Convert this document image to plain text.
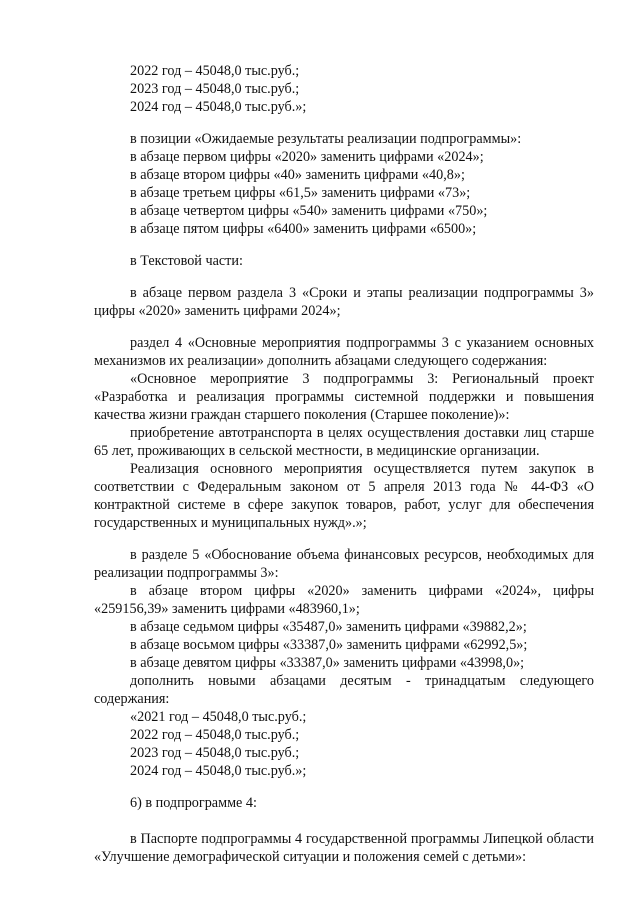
2022 год – 45048,0 тыс.руб.;
2023 год – 45048,0 тыс.руб.;
2024 год – 45048,0 тыс.руб.»;
в позиции «Ожидаемые результаты реализации подпрограммы»:
в абзаце первом цифры «2020» заменить цифрами «2024»;
в абзаце втором цифры «40» заменить цифрами «40,8»;
в абзаце третьем цифры «61,5» заменить цифрами «73»;
в абзаце четвертом цифры «540» заменить цифрами «750»;
в абзаце пятом цифры «6400» заменить цифрами «6500»;
в Текстовой части:

в абзаце первом раздела 3 «Сроки и этапы реализации подпрограммы 3» цифры «2020» заменить цифрами 2024»;

раздел 4 «Основные мероприятия подпрограммы 3 с указанием основных механизмов их реализации» дополнить абзацами следующего содержания:

«Основное мероприятие 3 подпрограммы 3: Региональный проект «Разработка и реализация программы системной поддержки и повышения качества жизни граждан старшего поколения (Старшее поколение)»:

приобретение автотранспорта в целях осуществления доставки лиц старше 65 лет, проживающих в сельской местности, в медицинские организации.

Реализация основного мероприятия осуществляется путем закупок в соответствии с Федеральным законом от 5 апреля 2013 года № 44-ФЗ «О контрактной системе в сфере закупок товаров, работ, услуг для обеспечения государственных и муниципальных нужд».»;

в разделе 5 «Обоснование объема финансовых ресурсов, необходимых для реализации подпрограммы 3»:

в абзаце втором цифры «2020» заменить цифрами «2024», цифры «259156,39» заменить цифрами «483960,1»;

в абзаце седьмом цифры «35487,0» заменить цифрами «39882,2»;
в абзаце восьмом цифры «33387,0» заменить цифрами «62992,5»;
в абзаце девятом цифры «33387,0» заменить цифрами «43998,0»;

дополнить новыми абзацами десятым - тринадцатым следующего содержания:

«2021 год – 45048,0 тыс.руб.;
2022 год – 45048,0 тыс.руб.;
2023 год – 45048,0 тыс.руб.;
2024 год – 45048,0 тыс.руб.»;
6) в подпрограмме 4:

в Паспорте подпрограммы 4 государственной программы Липецкой области «Улучшение демографической ситуации и положения семей с детьми»:
